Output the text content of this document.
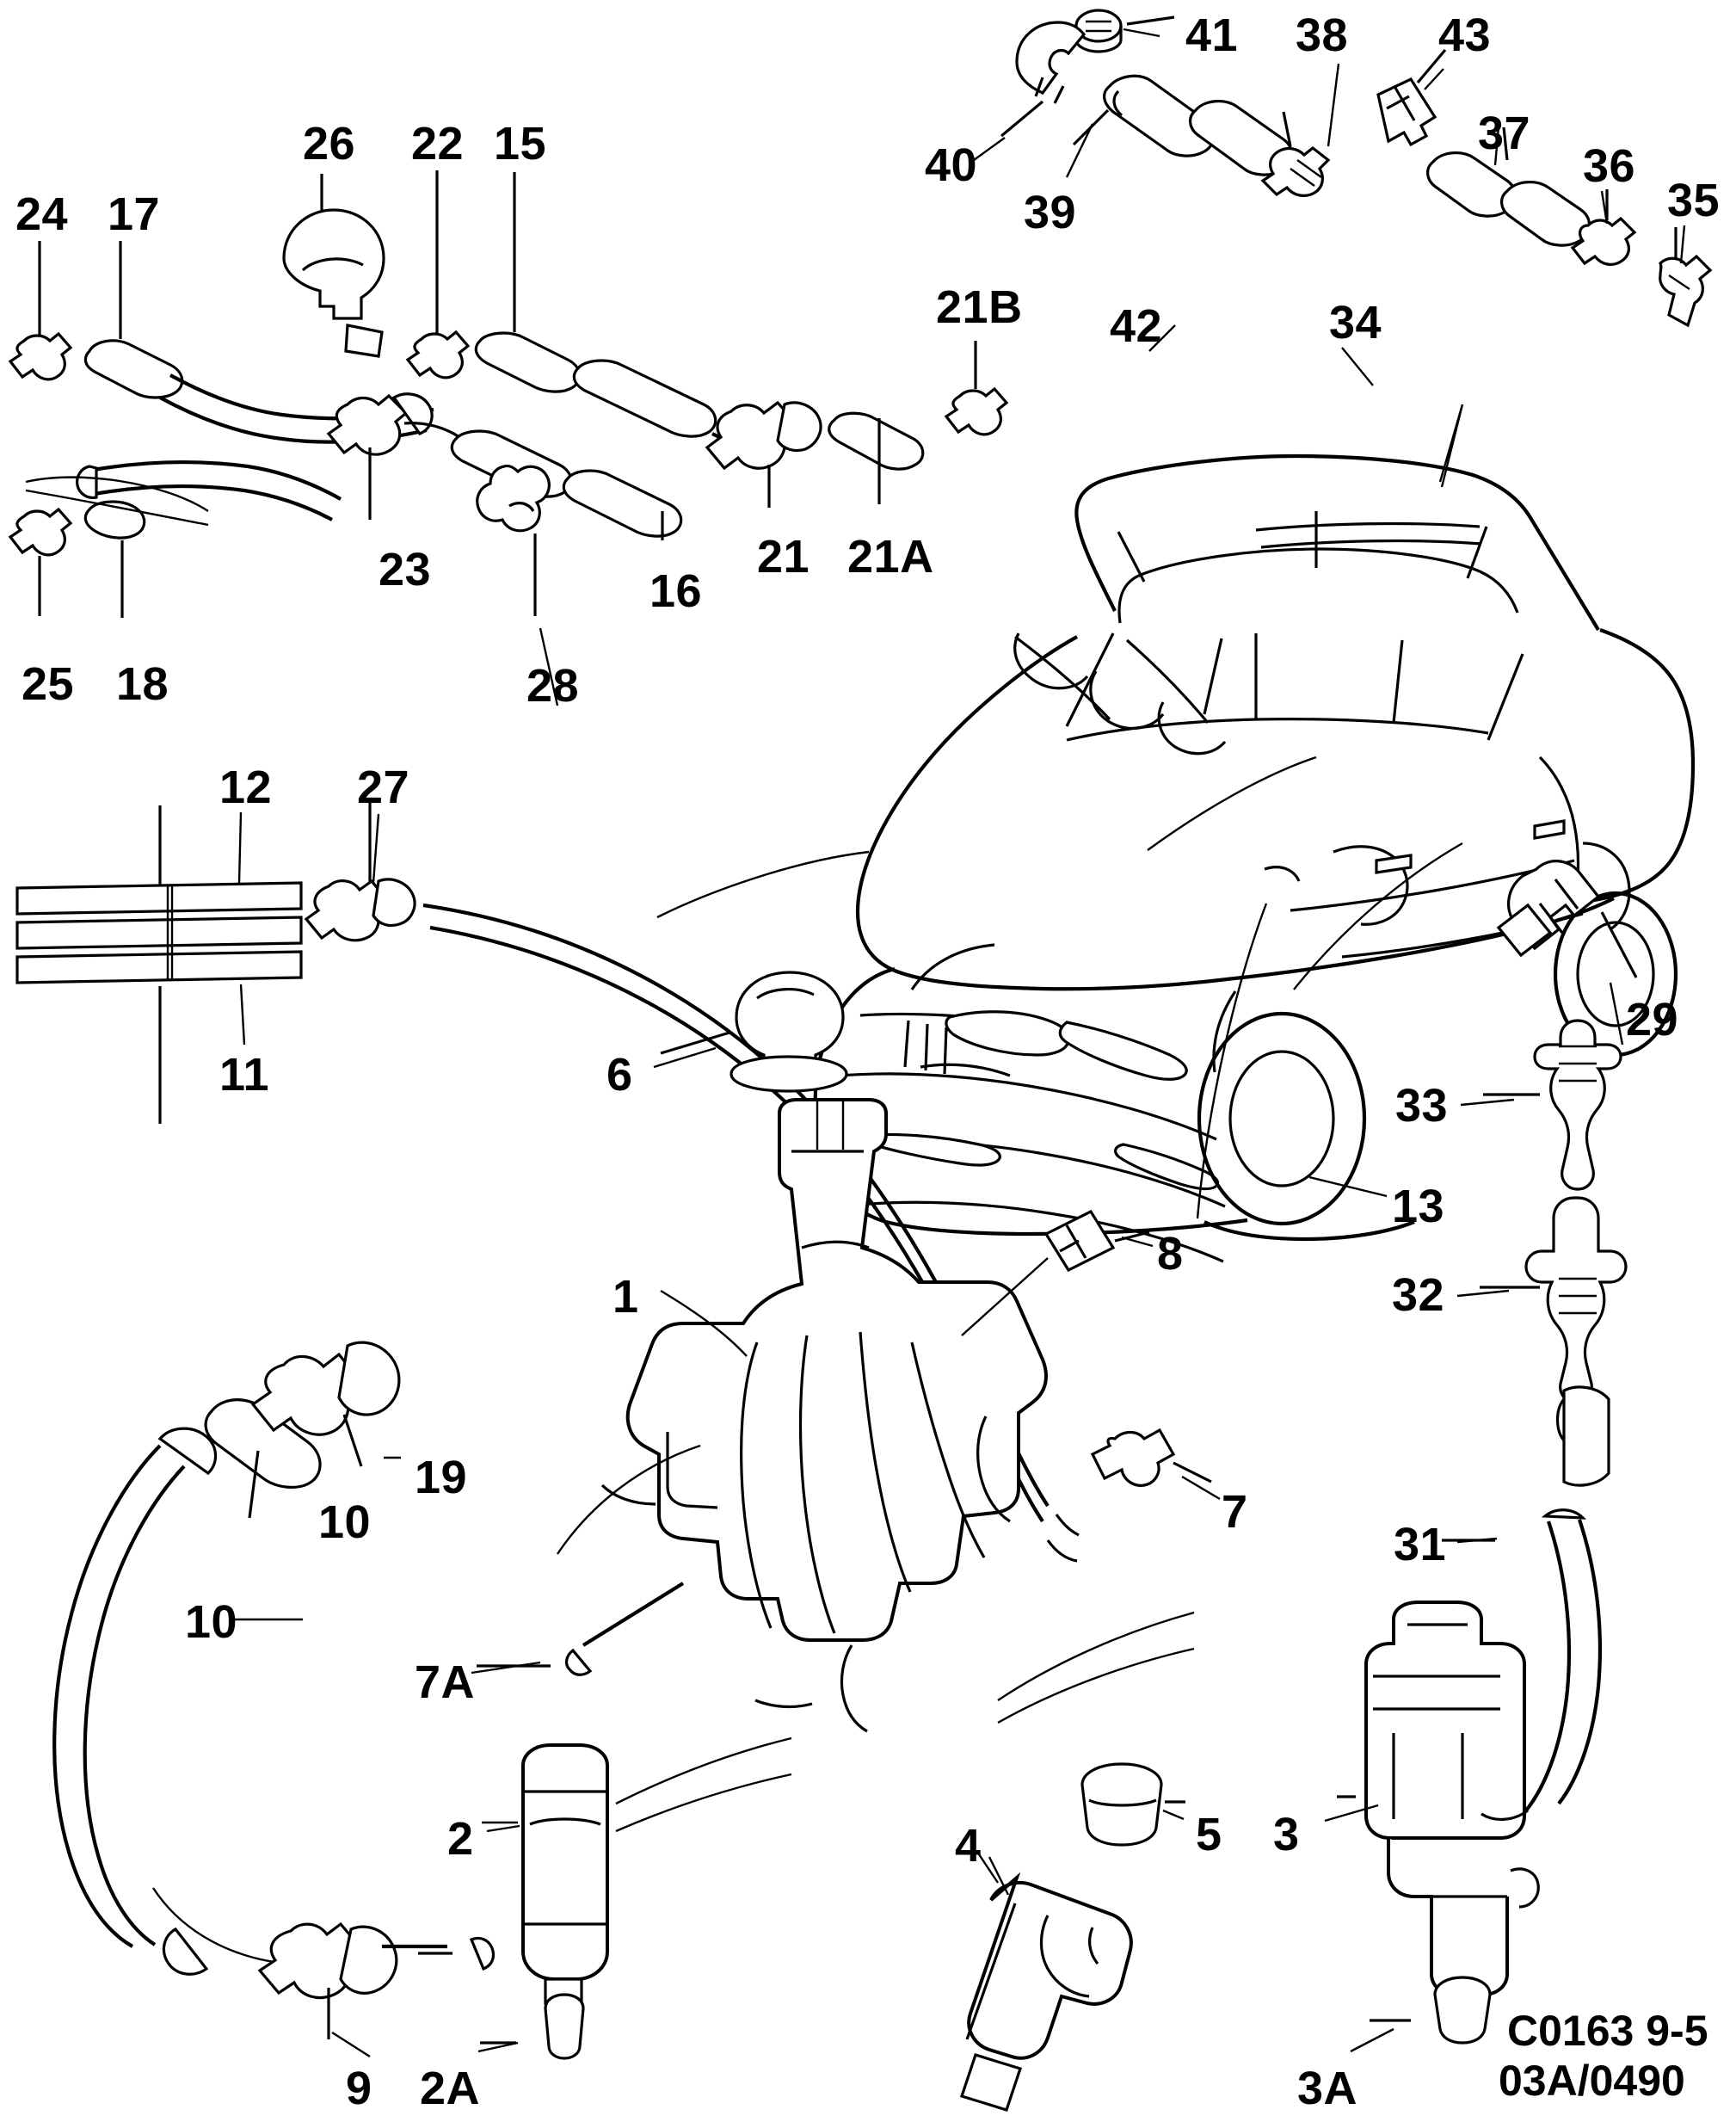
24 17
26 22 15
41 38 43
40
39
37
36
35
21B 42	34
23	16
21 21A
25 18	28
12 27
11
29
33
13
32
6
8
1
19
10	7
31
10
7A
2	4	5 3
9 2A	3A
C0163 9-5
03A/0490
